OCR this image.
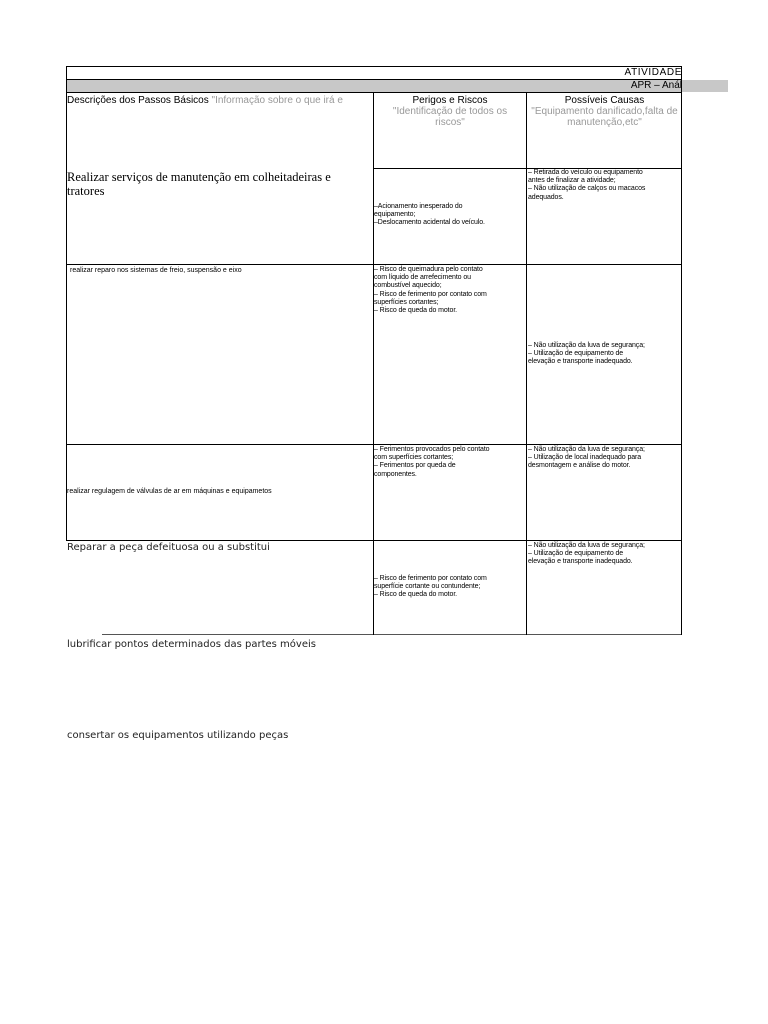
ATIVIDADE
APR – Anál
Descrições dos Passos Básicos "Informação sobre o que irá e	Perigos e Riscos
"Identificação de todos os riscos"
Possíveis Causas
"Equipamento danificado,falta de manutenção,etc"
Realizar serviços de manutenção em colheitadeiras e tratores
–Acionamento inesperado do
equipamento;
–Deslocamento acidental do veículo.
– Retirada do veículo ou equipamento
antes de finalizar a atividade;
– Não utilização de calços ou macacos
adequados.
realizar reparo nos sistemas de freio, suspensão e eixo	– Risco de queimadura pelo contato
com líquido de arrefecimento ou
combustível aquecido;
– Risco de ferimento por contato com
superfícies cortantes;
– Risco de queda do motor.
– Não utilização da luva de segurança;
– Utilização de equipamento de
elevação e transporte inadequado.
realizar regulagem de válvulas de ar em máquinas e equipametos
– Ferimentos provocados pelo contato
com superfícies cortantes;
– Ferimentos por queda de
componentes.
– Não utilização da luva de segurança;
– Utilização de local inadequado para
desmontagem e análise do motor.
Reparar a peça defeituosa ou a substitui
– Risco de ferimento por contato com
superfície cortante ou contundente;
– Risco de queda do motor.
– Não utilização da luva de segurança;
– Utilização de equipamento de
elevação e transporte inadequado.
lubrificar pontos determinados das partes móveis
consertar os equipamentos utilizando peças
